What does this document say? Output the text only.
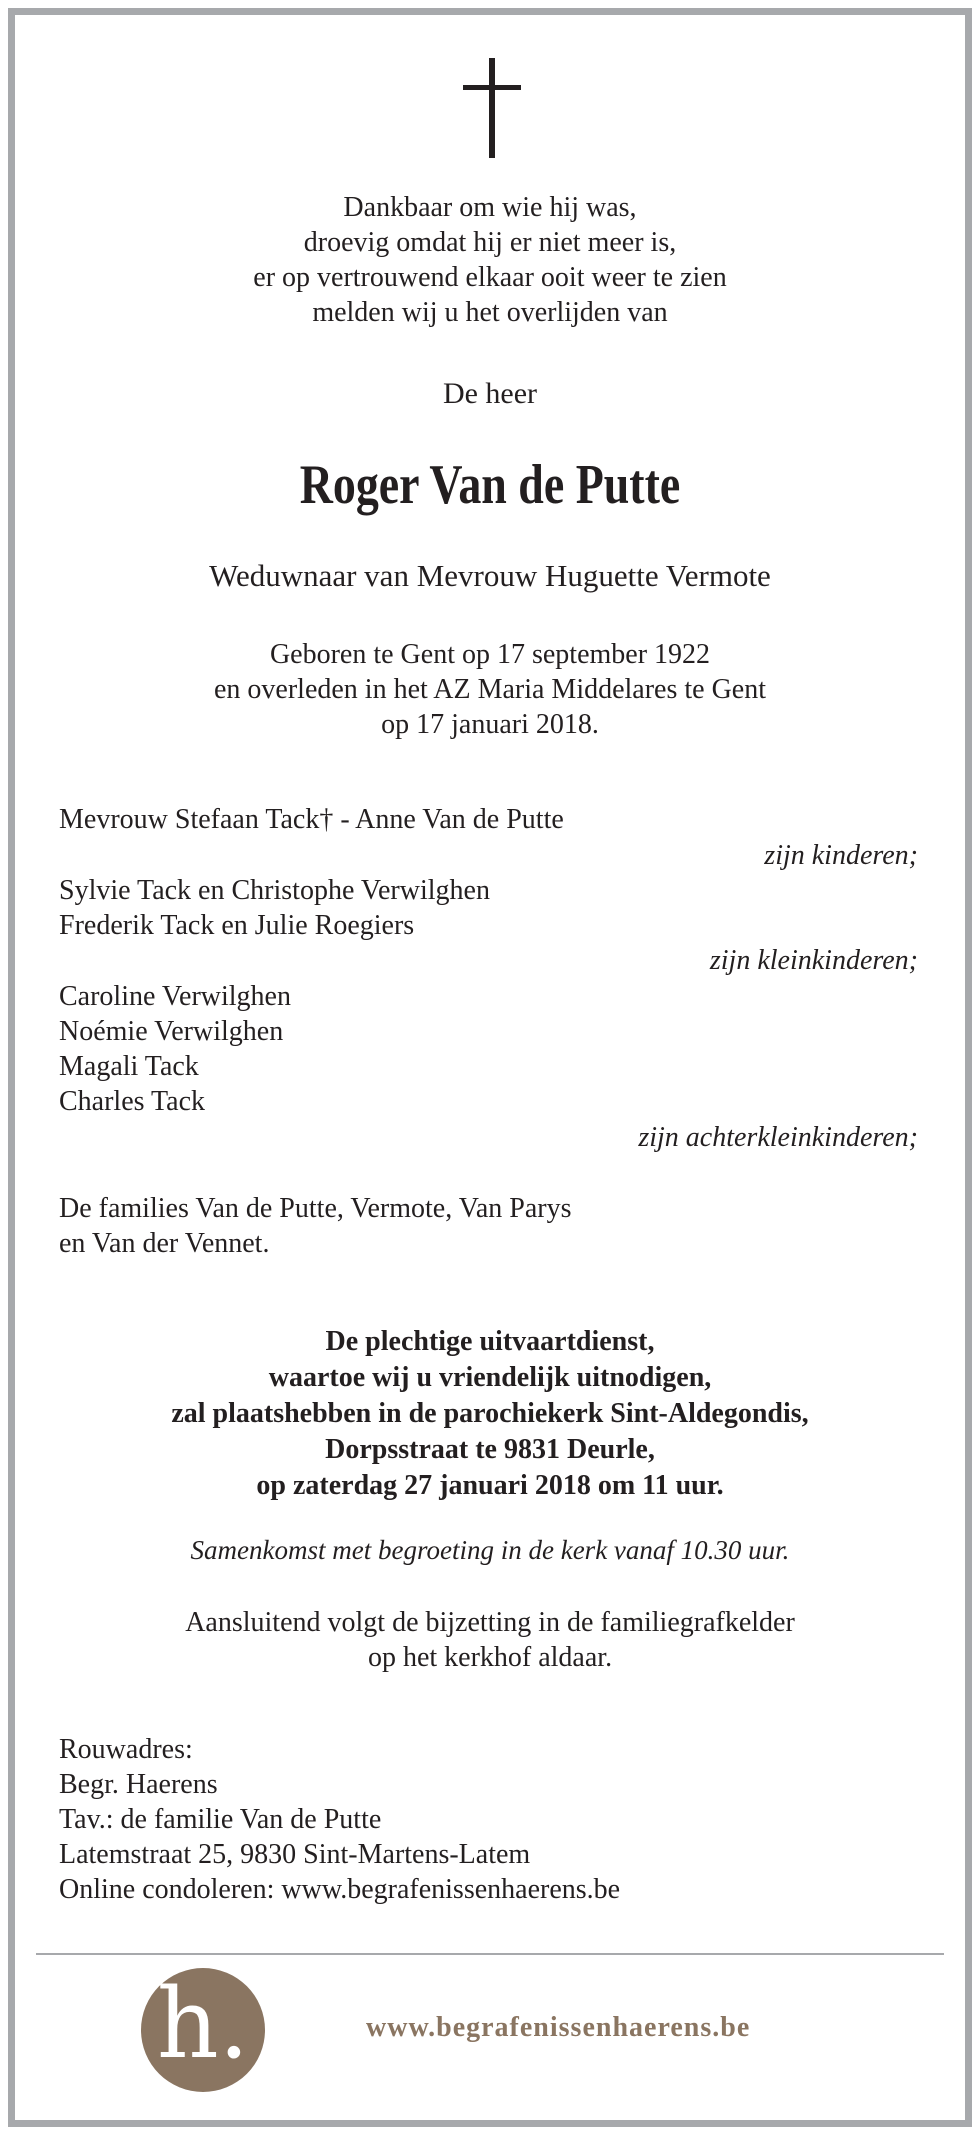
Dankbaar om wie hij was,

droevig omdat hij er niet meer is,

er op vertrouwend elkaar ooit weer te zien

melden wij u het overlijden van

De heer
Roger Van de Putte
Weduwnaar van Mevrouw Huguette Vermote

Geboren te Gent op 17 september 1922

en overleden in het AZ Maria Middelares te Gent

op 17 januari 2018.

Mevrouw Stefaan Tack† - Anne Van de Putte

zijn kinderen;

Sylvie Tack en Christophe Verwilghen

Frederik Tack en Julie Roegiers

zijn kleinkinderen;

Caroline Verwilghen

Noémie Verwilghen

Magali Tack

Charles Tack

zijn achterkleinkinderen;

De families Van de Putte, Vermote, Van Parys

en Van der Vennet.

De plechtige uitvaartdienst,

waartoe wij u vriendelijk uitnodigen,

zal plaatshebben in de parochiekerk Sint-Aldegondis,

Dorpsstraat te 9831 Deurle,

op zaterdag 27 januari 2018 om 11 uur.

Samenkomst met begroeting in de kerk vanaf 10.30 uur.

Aansluitend volgt de bijzetting in de familiegrafkelder

op het kerkhof aldaar.

Rouwadres:

Begr. Haerens

Tav.: de familie Van de Putte

Latemstraat 25, 9830 Sint-Martens-Latem

Online condoleren: www.begrafenissenhaerens.be

h.	www.begrafenissenhaerens.be
